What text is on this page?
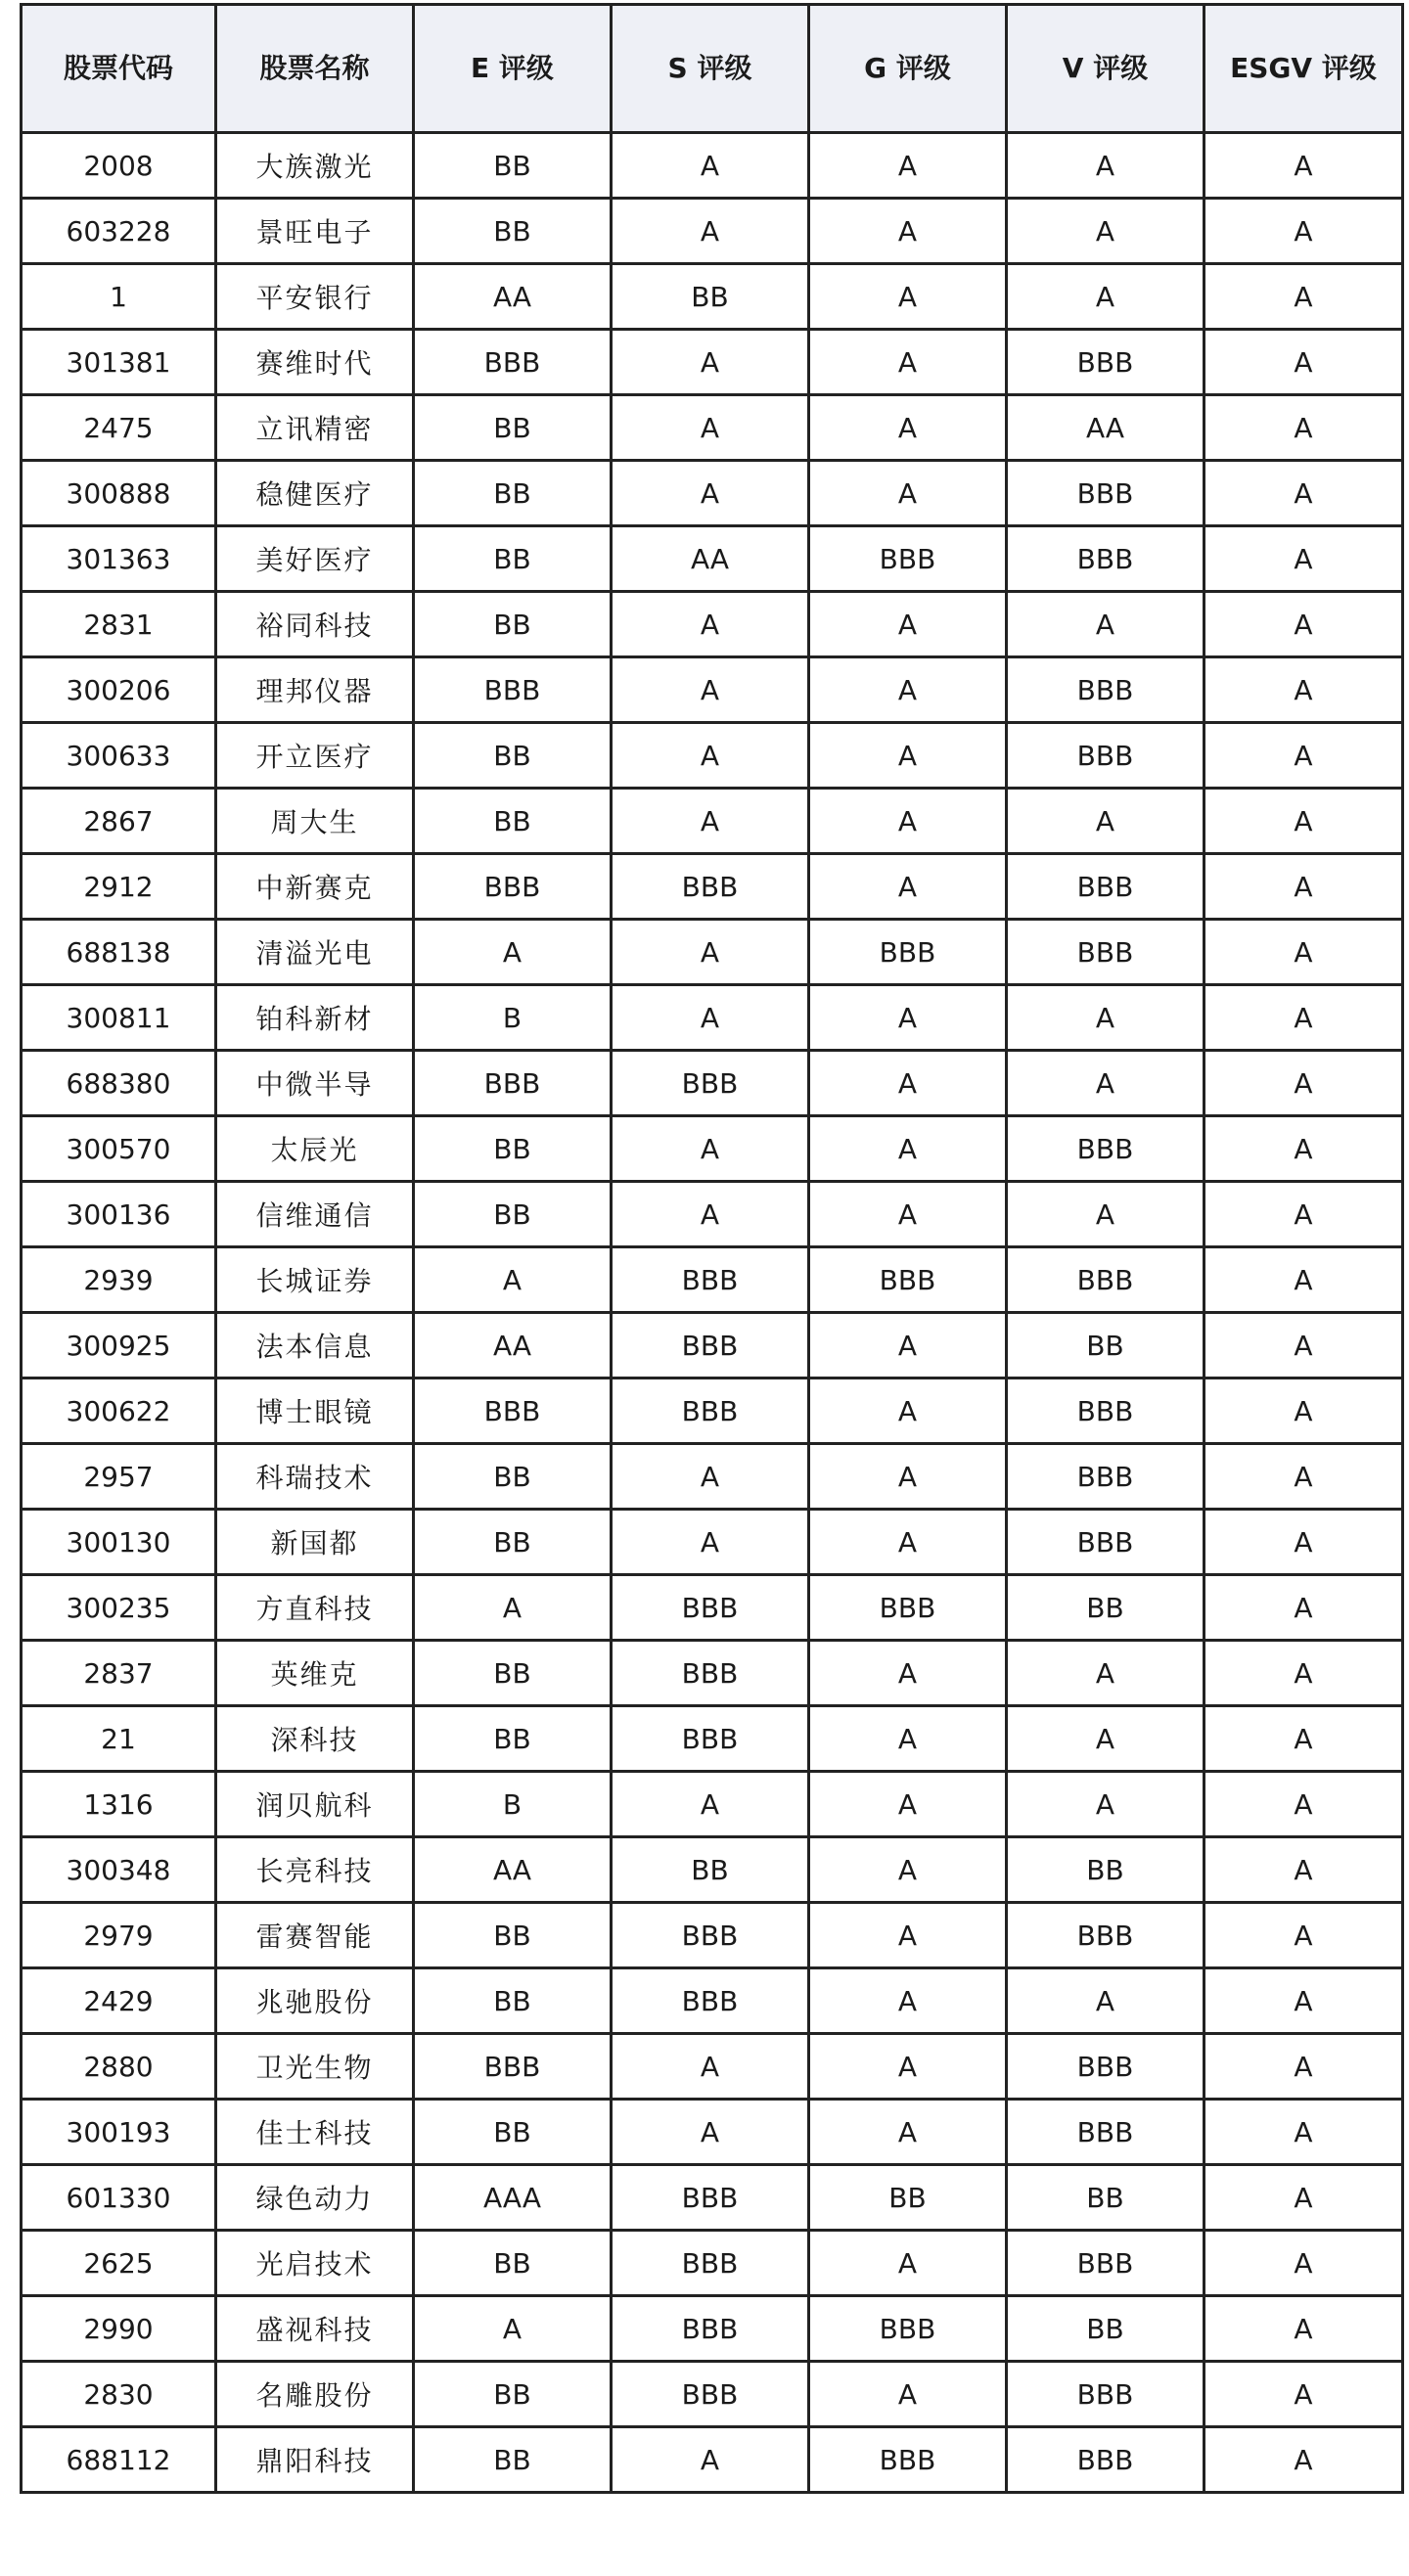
股票代码	股票名称	E 评级	S 评级	G 评级	V 评级	ESGV 评级
2008	大族激光	BB	A	A	A	A
603228	景旺电子	BB	A	A	A	A
1	平安银行	AA	BB	A	A	A
301381	赛维时代	BBB	A	A	BBB	A
2475	立讯精密	BB	A	A	AA	A
300888	稳健医疗	BB	A	A	BBB	A
301363	美好医疗	BB	AA	BBB	BBB	A
2831	裕同科技	BB	A	A	A	A
300206	理邦仪器	BBB	A	A	BBB	A
300633	开立医疗	BB	A	A	BBB	A
2867	周大生	BB	A	A	A	A
2912	中新赛克	BBB	BBB	A	BBB	A
688138	清溢光电	A	A	BBB	BBB	A
300811	铂科新材	B	A	A	A	A
688380	中微半导	BBB	BBB	A	A	A
300570	太辰光	BB	A	A	BBB	A
300136	信维通信	BB	A	A	A	A
2939	长城证券	A	BBB	BBB	BBB	A
300925	法本信息	AA	BBB	A	BB	A
300622	博士眼镜	BBB	BBB	A	BBB	A
2957	科瑞技术	BB	A	A	BBB	A
300130	新国都	BB	A	A	BBB	A
300235	方直科技	A	BBB	BBB	BB	A
2837	英维克	BB	BBB	A	A	A
21	深科技	BB	BBB	A	A	A
1316	润贝航科	B	A	A	A	A
300348	长亮科技	AA	BB	A	BB	A
2979	雷赛智能	BB	BBB	A	BBB	A
2429	兆驰股份	BB	BBB	A	A	A
2880	卫光生物	BBB	A	A	BBB	A
300193	佳士科技	BB	A	A	BBB	A
601330	绿色动力	AAA	BBB	BB	BB	A
2625	光启技术	BB	BBB	A	BBB	A
2990	盛视科技	A	BBB	BBB	BB	A
2830	名雕股份	BB	BBB	A	BBB	A
688112	鼎阳科技	BB	A	BBB	BBB	A
